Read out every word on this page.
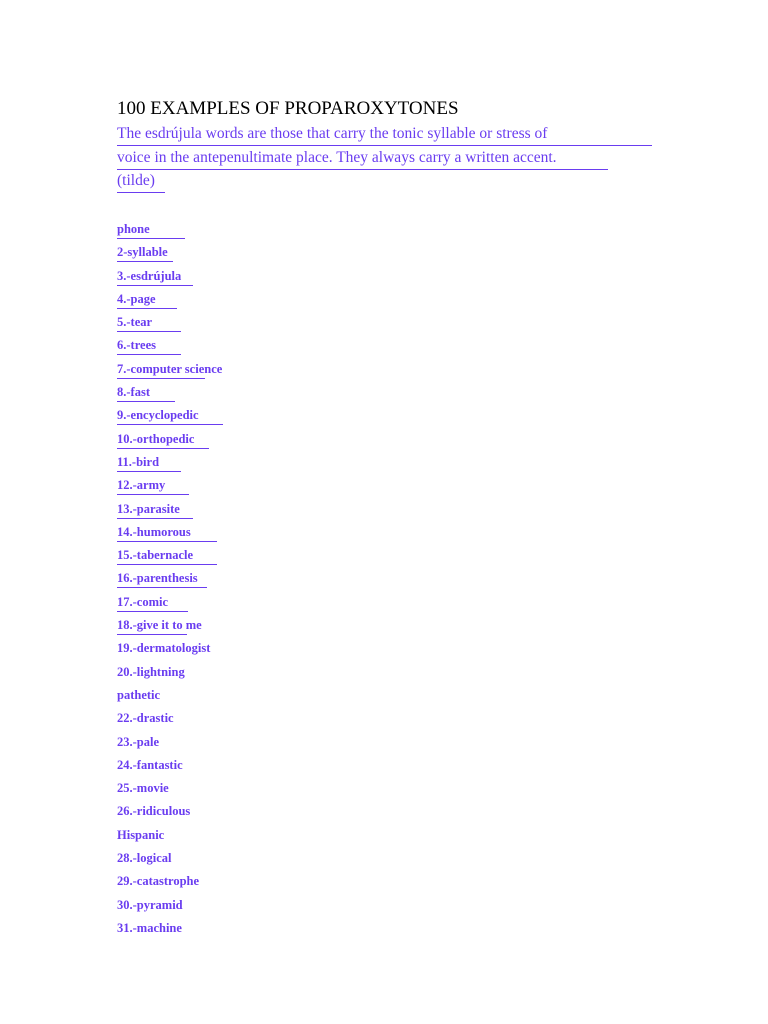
100 EXAMPLES OF PROPAROXYTONES
The esdrújula words are those that carry the tonic syllable or stress of
voice in the antepenultimate place. They always carry a written accent.
(tilde)
phone
2-syllable
3.-esdrújula
4.-page
5.-tear
6.-trees
7.-computer science
8.-fast
9.-encyclopedic
10.-orthopedic
11.-bird
12.-army
13.-parasite
14.-humorous
15.-tabernacle
16.-parenthesis
17.-comic
18.-give it to me
19.-dermatologist
20.-lightning
pathetic
22.-drastic
23.-pale
24.-fantastic
25.-movie
26.-ridiculous
Hispanic
28.-logical
29.-catastrophe
30.-pyramid
31.-machine
